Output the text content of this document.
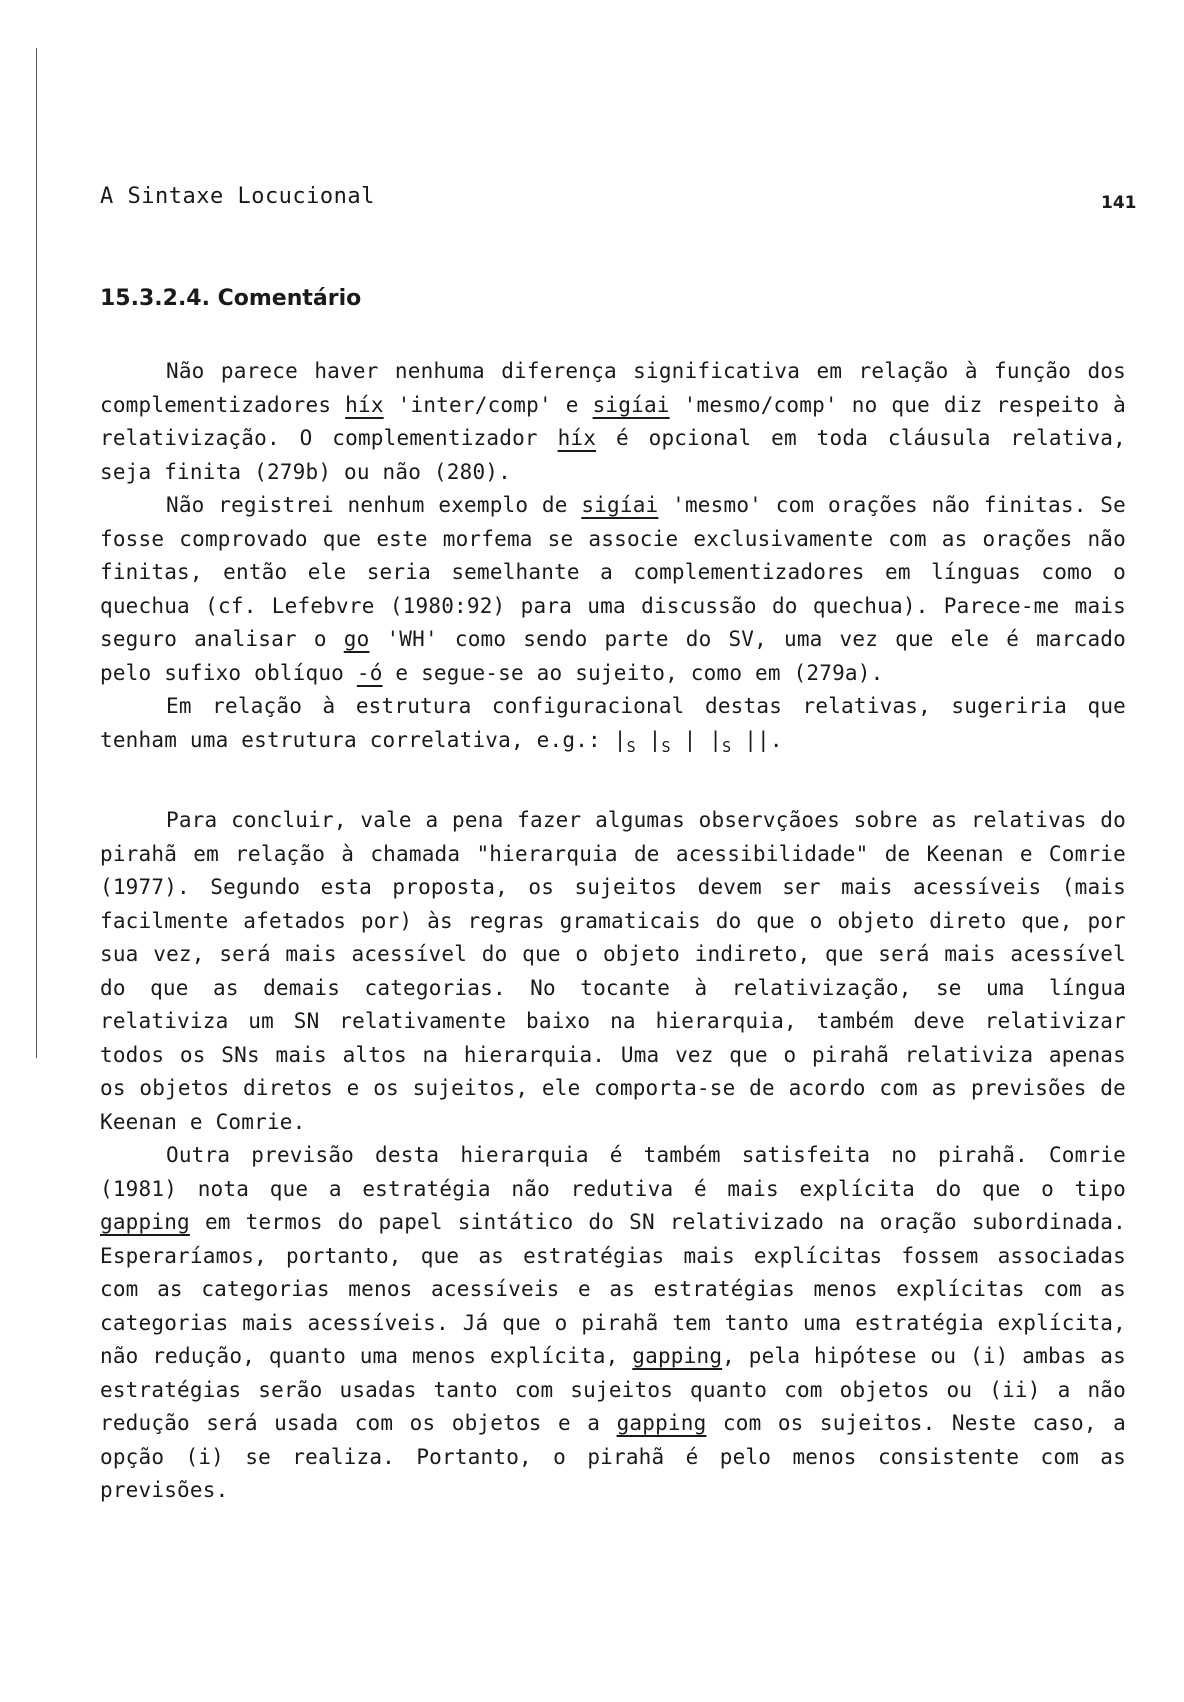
A Sintaxe Locucional	141
15.3.2.4. Comentário

Não parece haver nenhuma diferença significativa em relação à função dos complementizadores híx 'inter/comp' e sigíai 'mesmo/comp' no que diz respeito à relativização. O complementizador híx é opcional em toda cláusula relativa, seja finita (279b) ou não (280).

Não registrei nenhum exemplo de sigíai 'mesmo' com orações não finitas. Se fosse comprovado que este morfema se associe exclusivamente com as orações não finitas, então ele seria semelhante a complementizadores em línguas como o quechua (cf. Lefebvre (1980:92) para uma discussão do quechua). Parece-me mais seguro analisar o go 'WH' como sendo parte do SV, uma vez que ele é marcado pelo sufixo oblíquo -ó e segue-se ao sujeito, como em (279a).

Em relação à estrutura configuracional destas relativas, sugeriria que tenham uma estrutura correlativa, e.g.: $|_S$ $|_S$ | $|_S$ ||.

Para concluir, vale a pena fazer algumas observçãoes sobre as relativas do pirahã em relação à chamada "hierarquia de acessibilidade" de Keenan e Comrie (1977). Segundo esta proposta, os sujeitos devem ser mais acessíveis (mais facilmente afetados por) às regras gramaticais do que o objeto direto que, por sua vez, será mais acessível do que o objeto indireto, que será mais acessível do que as demais categorias. No tocante à relativização, se uma língua relativiza um SN relativamente baixo na hierarquia, também deve relativizar todos os SNs mais altos na hierarquia. Uma vez que o pirahã relativiza apenas os objetos diretos e os sujeitos, ele comporta-se de acordo com as previsões de Keenan e Comrie.

Outra previsão desta hierarquia é também satisfeita no pirahã. Comrie (1981) nota que a estratégia não redutiva é mais explícita do que o tipo gapping em termos do papel sintático do SN relativizado na oração subordinada. Esperaríamos, portanto, que as estratégias mais explícitas fossem associadas com as categorias menos acessíveis e as estratégias menos explícitas com as categorias mais acessíveis. Já que o pirahã tem tanto uma estratégia explícita, não redução, quanto uma menos explícita, gapping, pela hipótese ou (i) ambas as estratégias serão usadas tanto com sujeitos quanto com objetos ou (ii) a não redução será usada com os objetos e a gapping com os sujeitos. Neste caso, a opção (i) se realiza. Portanto, o pirahã é pelo menos consistente com as previsões.
